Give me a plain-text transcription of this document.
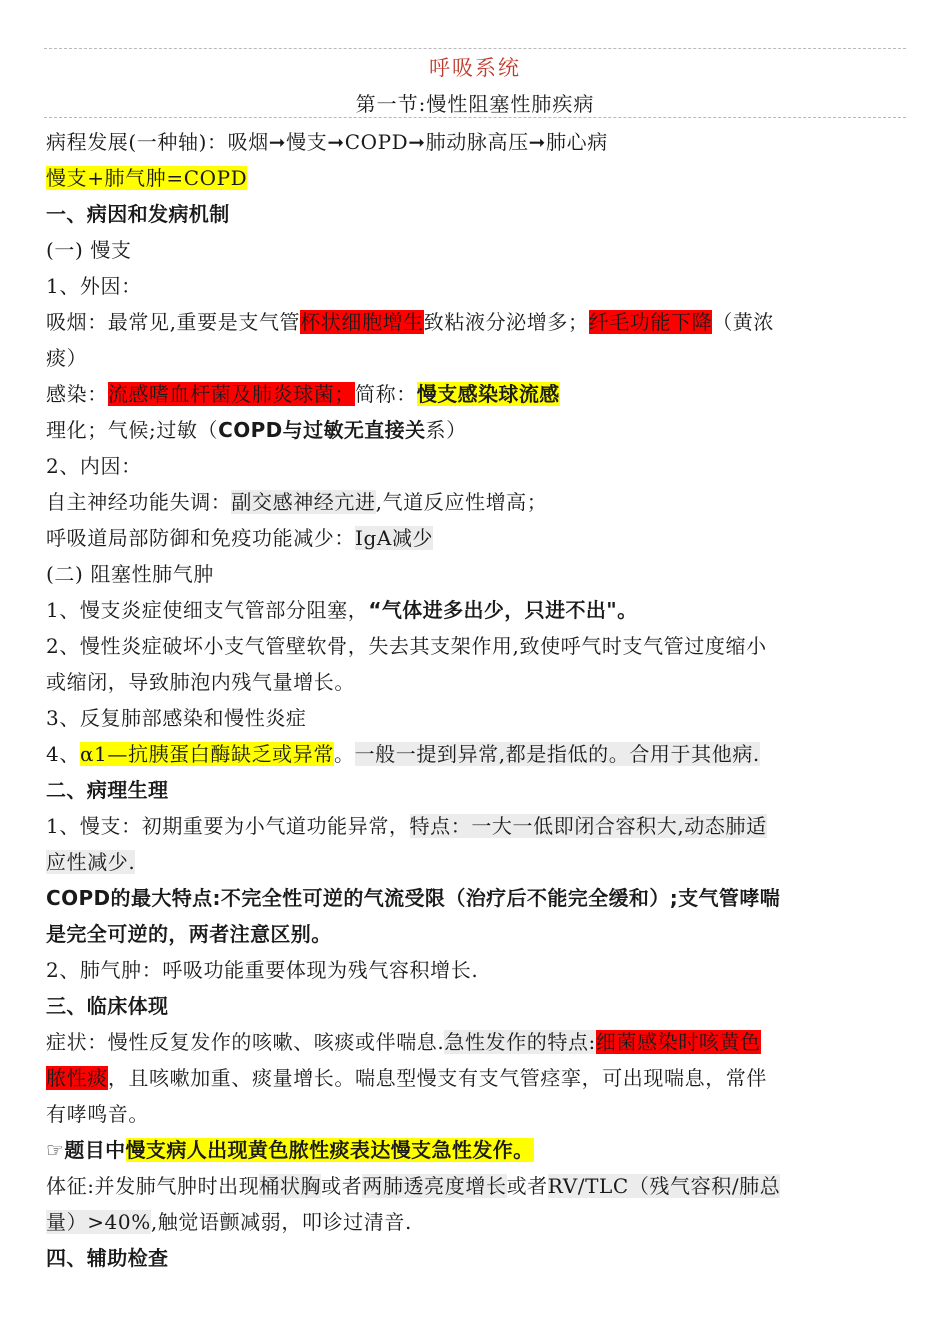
呼吸系统
第一节:慢性阻塞性肺疾病
病程发展(一种轴)：吸烟➞慢支➞COPD➞肺动脉高压➞肺心病
慢支+肺气肿=COPD
一、病因和发病机制
(一) 慢支
1、外因：
吸烟：最常见,重要是支气管杯状细胞增生致粘液分泌增多；纤毛功能下降（黄浓
痰）
感染：流感嗜血杆菌及肺炎球菌；简称：慢支感染球流感
理化；气候;过敏（COPD与过敏无直接关系）
2、内因：
自主神经功能失调：副交感神经亢进,气道反应性增高；
呼吸道局部防御和免疫功能减少：IgA减少
(二) 阻塞性肺气肿
1、慢支炎症使细支气管部分阻塞，“气体进多出少，只进不出"。
2、慢性炎症破坏小支气管壁软骨，失去其支架作用,致使呼气时支气管过度缩小
或缩闭，导致肺泡内残气量增长。
3、反复肺部感染和慢性炎症
4、α1—抗胰蛋白酶缺乏或异常。一般一提到异常,都是指低的。合用于其他病.
二、病理生理
1、慢支：初期重要为小气道功能异常，特点：一大一低即闭合容积大,动态肺适
应性减少.
COPD的最大特点:不完全性可逆的气流受限（治疗后不能完全缓和）;支气管哮喘
是完全可逆的，两者注意区别。
2、肺气肿：呼吸功能重要体现为残气容积增长.
三、临床体现
症状：慢性反复发作的咳嗽、咳痰或伴喘息.急性发作的特点:细菌感染时咳黄色
脓性痰，且咳嗽加重、痰量增长。喘息型慢支有支气管痉挛，可出现喘息，常伴
有哮鸣音。
☞题目中慢支病人出现黄色脓性痰表达慢支急性发作。
体征:并发肺气肿时出现桶状胸或者两肺透亮度增长或者RV/TLC（残气容积/肺总
量）>40%,触觉语颤减弱，叩诊过清音.
四、辅助检查
